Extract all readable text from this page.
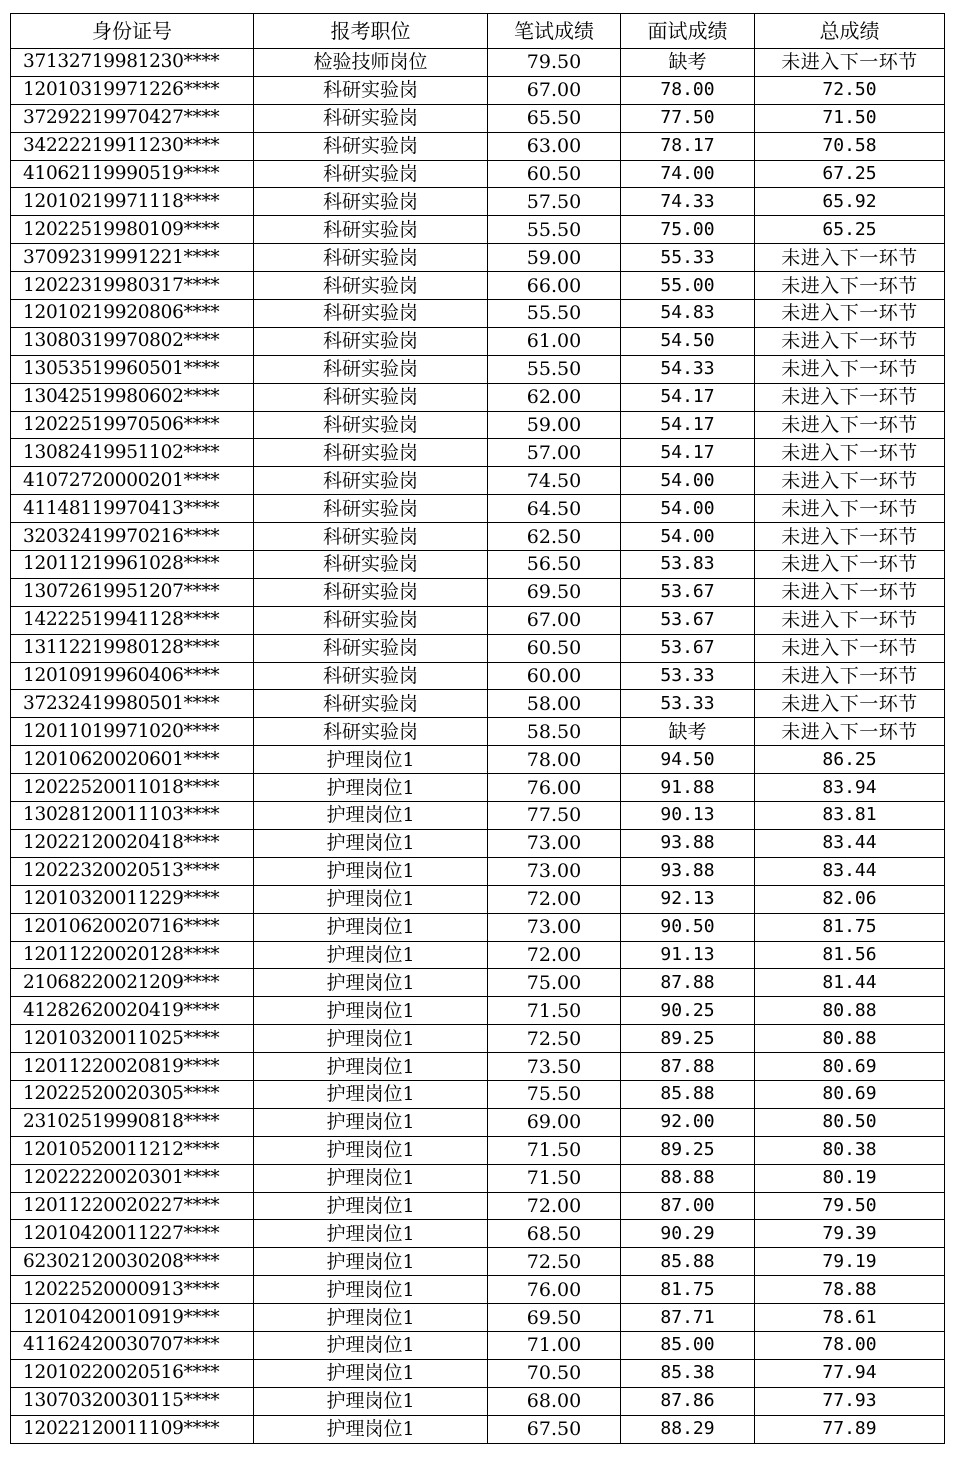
身份证号	报考职位	笔试成绩	面试成绩	总成绩
37132719981230****	检验技师岗位	79.50	缺考	未进入下一环节
12010319971226****	科研实验岗	67.00	78.00	72.50
37292219970427****	科研实验岗	65.50	77.50	71.50
34222219911230****	科研实验岗	63.00	78.17	70.58
41062119990519****	科研实验岗	60.50	74.00	67.25
12010219971118****	科研实验岗	57.50	74.33	65.92
12022519980109****	科研实验岗	55.50	75.00	65.25
37092319991221****	科研实验岗	59.00	55.33	未进入下一环节
12022319980317****	科研实验岗	66.00	55.00	未进入下一环节
12010219920806****	科研实验岗	55.50	54.83	未进入下一环节
13080319970802****	科研实验岗	61.00	54.50	未进入下一环节
13053519960501****	科研实验岗	55.50	54.33	未进入下一环节
13042519980602****	科研实验岗	62.00	54.17	未进入下一环节
12022519970506****	科研实验岗	59.00	54.17	未进入下一环节
13082419951102****	科研实验岗	57.00	54.17	未进入下一环节
41072720000201****	科研实验岗	74.50	54.00	未进入下一环节
41148119970413****	科研实验岗	64.50	54.00	未进入下一环节
32032419970216****	科研实验岗	62.50	54.00	未进入下一环节
12011219961028****	科研实验岗	56.50	53.83	未进入下一环节
13072619951207****	科研实验岗	69.50	53.67	未进入下一环节
14222519941128****	科研实验岗	67.00	53.67	未进入下一环节
13112219980128****	科研实验岗	60.50	53.67	未进入下一环节
12010919960406****	科研实验岗	60.00	53.33	未进入下一环节
37232419980501****	科研实验岗	58.00	53.33	未进入下一环节
12011019971020****	科研实验岗	58.50	缺考	未进入下一环节
12010620020601****	护理岗位1	78.00	94.50	86.25
12022520011018****	护理岗位1	76.00	91.88	83.94
13028120011103****	护理岗位1	77.50	90.13	83.81
12022120020418****	护理岗位1	73.00	93.88	83.44
12022320020513****	护理岗位1	73.00	93.88	83.44
12010320011229****	护理岗位1	72.00	92.13	82.06
12010620020716****	护理岗位1	73.00	90.50	81.75
12011220020128****	护理岗位1	72.00	91.13	81.56
21068220021209****	护理岗位1	75.00	87.88	81.44
41282620020419****	护理岗位1	71.50	90.25	80.88
12010320011025****	护理岗位1	72.50	89.25	80.88
12011220020819****	护理岗位1	73.50	87.88	80.69
12022520020305****	护理岗位1	75.50	85.88	80.69
23102519990818****	护理岗位1	69.00	92.00	80.50
12010520011212****	护理岗位1	71.50	89.25	80.38
12022220020301****	护理岗位1	71.50	88.88	80.19
12011220020227****	护理岗位1	72.00	87.00	79.50
12010420011227****	护理岗位1	68.50	90.29	79.39
62302120030208****	护理岗位1	72.50	85.88	79.19
12022520000913****	护理岗位1	76.00	81.75	78.88
12010420010919****	护理岗位1	69.50	87.71	78.61
41162420030707****	护理岗位1	71.00	85.00	78.00
12010220020516****	护理岗位1	70.50	85.38	77.94
13070320030115****	护理岗位1	68.00	87.86	77.93
12022120011109****	护理岗位1	67.50	88.29	77.89
